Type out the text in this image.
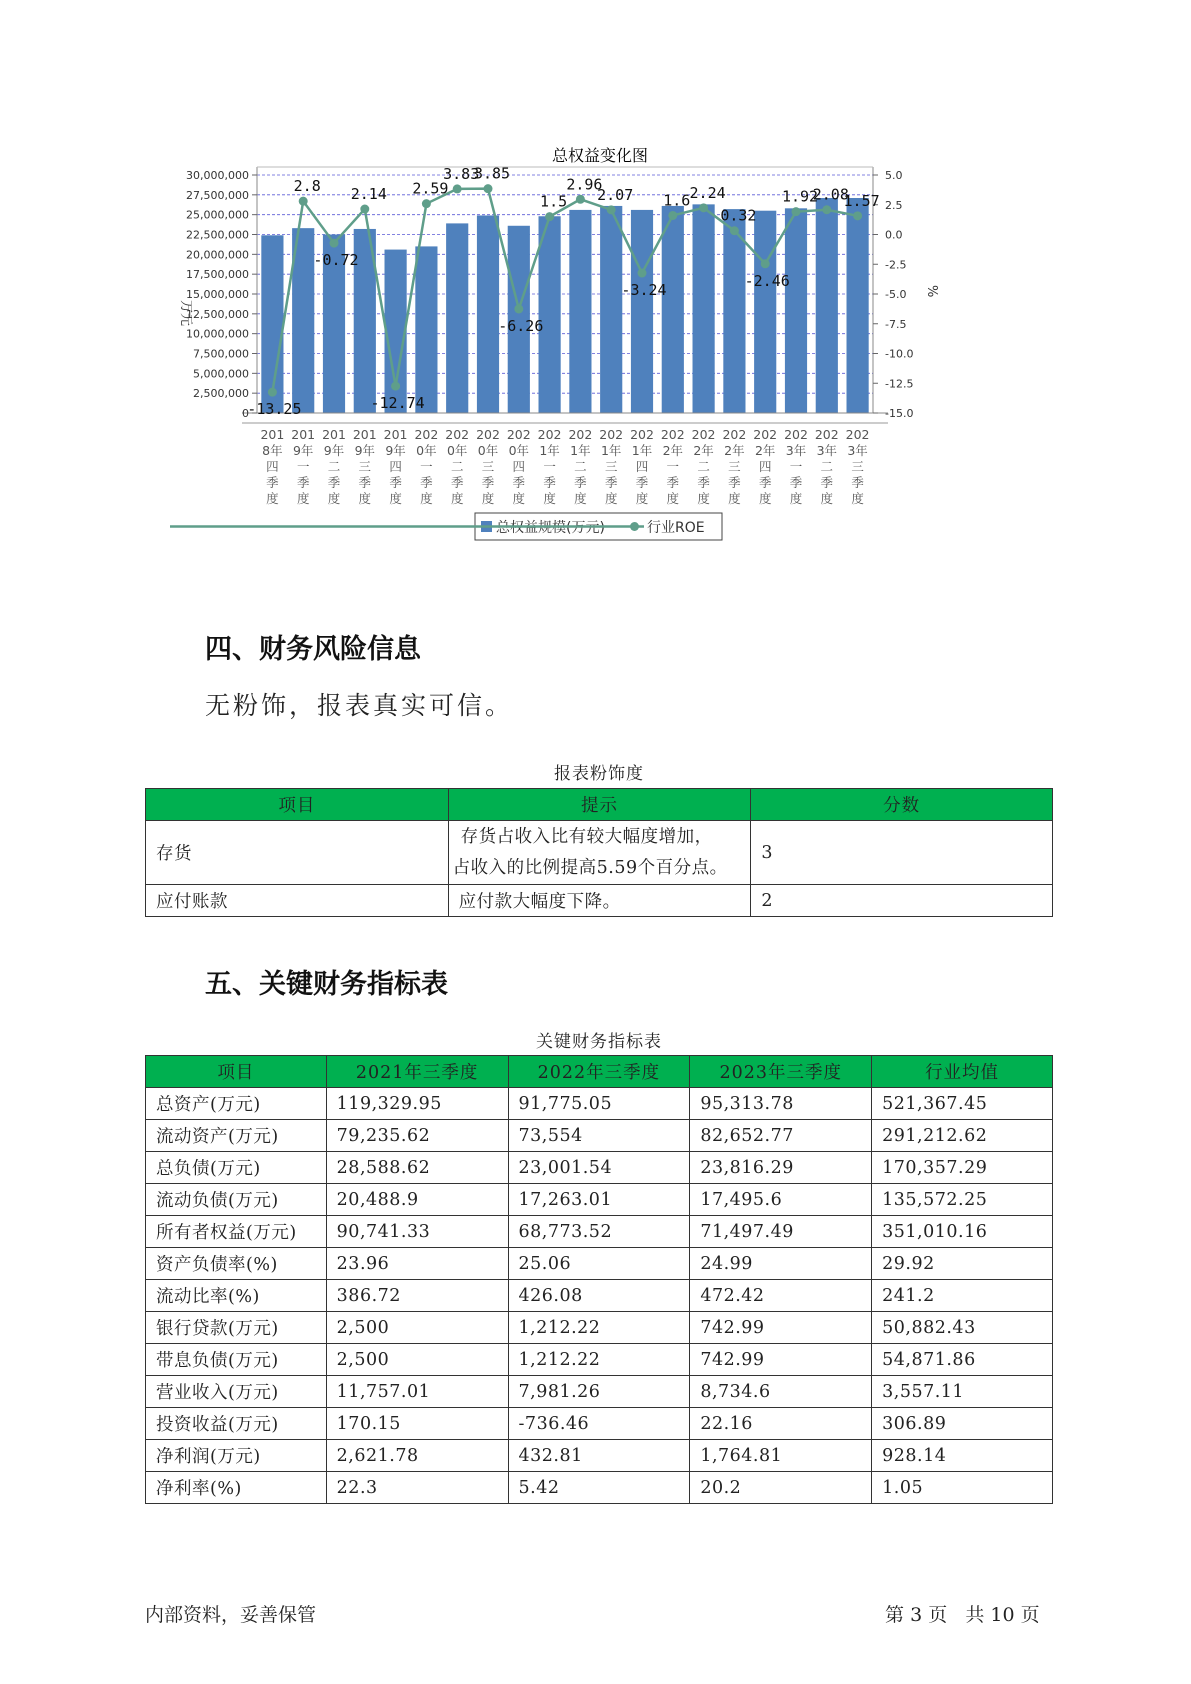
总权益变化图
0
2,500,000
5,000,000
7,500,000
10,000,000
12,500,000
15,000,000
17,500,000
20,000,000
22,500,000
25,000,000
27,500,000
30,000,000	5.0
2.5
0.0
-2.5
-5.0
-7.5
-10.0
-12.5
-15.0
-13.25
2.8
-0.72
2.14
-12.74
2.59
3.83
3.85
-6.26
1.5
2.96
2.07
-3.24
1.6 2.24
0.32
-2.46
1.92
2.08
1.57
201 8年四季度
201 9年一季度
201 9年二季度
201 9年三季度
201 9年四季度
202 0年一季度
202 0年二季度
202 0年三季度
202 0年四季度
202 1年一季度
202 1年二季度
202 1年三季度
202 1年四季度
202 2年一季度
202 2年二季度
202 2年三季度
202 2年四季度
202 3年一季度
202 3年二季度
202 3年三季度
万元
%
总权益规模(万元)	行业ROE
四、财务风险信息

无粉饰，报表真实可信。

报表粉饰度
项目	提示	分数
存货	存货占收入比有较大幅度增加，
占收入的比例提高5.59个百分点。	3
应付账款	应付款大幅度下降。	2
五、关键财务指标表
关键财务指标表
项目	2021年三季度	2022年三季度	2023年三季度	行业均值
总资产(万元)	119,329.95	91,775.05	95,313.78	521,367.45
流动资产(万元)	79,235.62	73,554	82,652.77	291,212.62
总负债(万元)	28,588.62	23,001.54	23,816.29	170,357.29
流动负债(万元)	20,488.9	17,263.01	17,495.6	135,572.25
所有者权益(万元)	90,741.33	68,773.52	71,497.49	351,010.16
资产负债率(%)	23.96	25.06	24.99	29.92
流动比率(%)	386.72	426.08	472.42	241.2
银行贷款(万元)	2,500	1,212.22	742.99	50,882.43
带息负债(万元)	2,500	1,212.22	742.99	54,871.86
营业收入(万元)	11,757.01	7,981.26	8,734.6	3,557.11
投资收益(万元)	170.15	-736.46	22.16	306.89
净利润(万元)	2,621.78	432.81	1,764.81	928.14
净利率(%)	22.3	5.42	20.2	1.05
内部资料，妥善保管	第 3 页 共 10 页
